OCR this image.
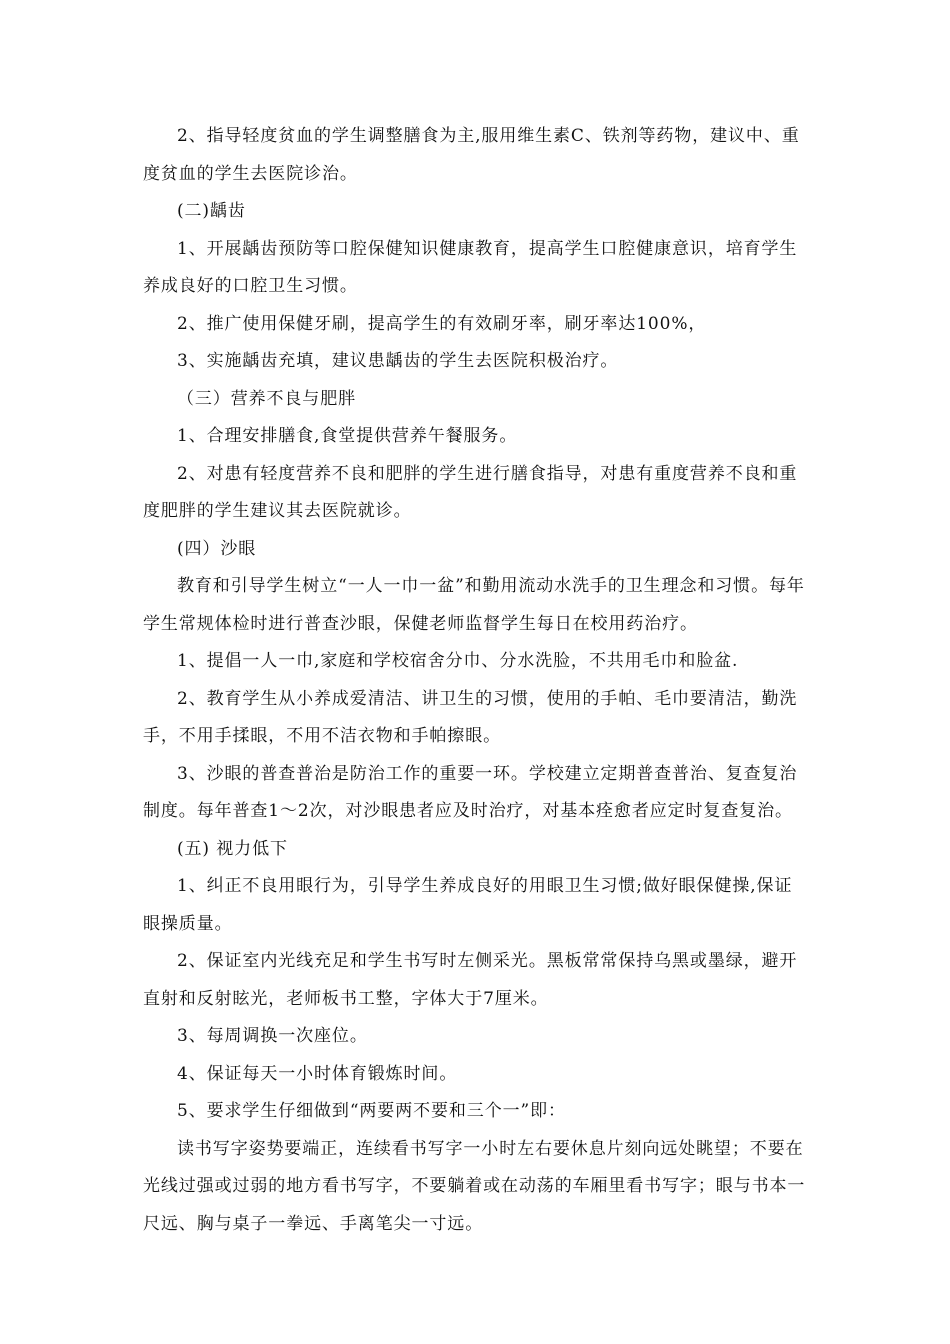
2、指导轻度贫血的学生调整膳食为主,服用维生素C、铁剂等药物，建议中、重度贫血的学生去医院诊治。

(二)龋齿

1、开展龋齿预防等口腔保健知识健康教育，提高学生口腔健康意识，培育学生养成良好的口腔卫生习惯。

2、推广使用保健牙刷，提高学生的有效刷牙率，刷牙率达100%，

3、实施龋齿充填，建议患龋齿的学生去医院积极治疗。

（三）营养不良与肥胖

1、合理安排膳食,食堂提供营养午餐服务。

2、对患有轻度营养不良和肥胖的学生进行膳食指导，对患有重度营养不良和重度肥胖的学生建议其去医院就诊。

(四）沙眼

教育和引导学生树立“一人一巾一盆”和勤用流动水洗手的卫生理念和习惯。每年学生常规体检时进行普查沙眼，保健老师监督学生每日在校用药治疗。

1、提倡一人一巾,家庭和学校宿舍分巾、分水洗脸，不共用毛巾和脸盆.

2、教育学生从小养成爱清洁、讲卫生的习惯，使用的手帕、毛巾要清洁，勤洗手，不用手揉眼，不用不洁衣物和手帕擦眼。

3、沙眼的普查普治是防治工作的重要一环。学校建立定期普查普治、复查复治制度。每年普查1～2次，对沙眼患者应及时治疗，对基本痊愈者应定时复查复治。

(五) 视力低下

1、纠正不良用眼行为，引导学生养成良好的用眼卫生习惯;做好眼保健操,保证眼操质量。

2、保证室内光线充足和学生书写时左侧采光。黑板常常保持乌黑或墨绿，避开直射和反射眩光，老师板书工整，字体大于7厘米。

3、每周调换一次座位。

4、保证每天一小时体育锻炼时间。

5、要求学生仔细做到“两要两不要和三个一”即：

读书写字姿势要端正，连续看书写字一小时左右要休息片刻向远处眺望；不要在光线过强或过弱的地方看书写字，不要躺着或在动荡的车厢里看书写字；眼与书本一尺远、胸与桌子一拳远、手离笔尖一寸远。
